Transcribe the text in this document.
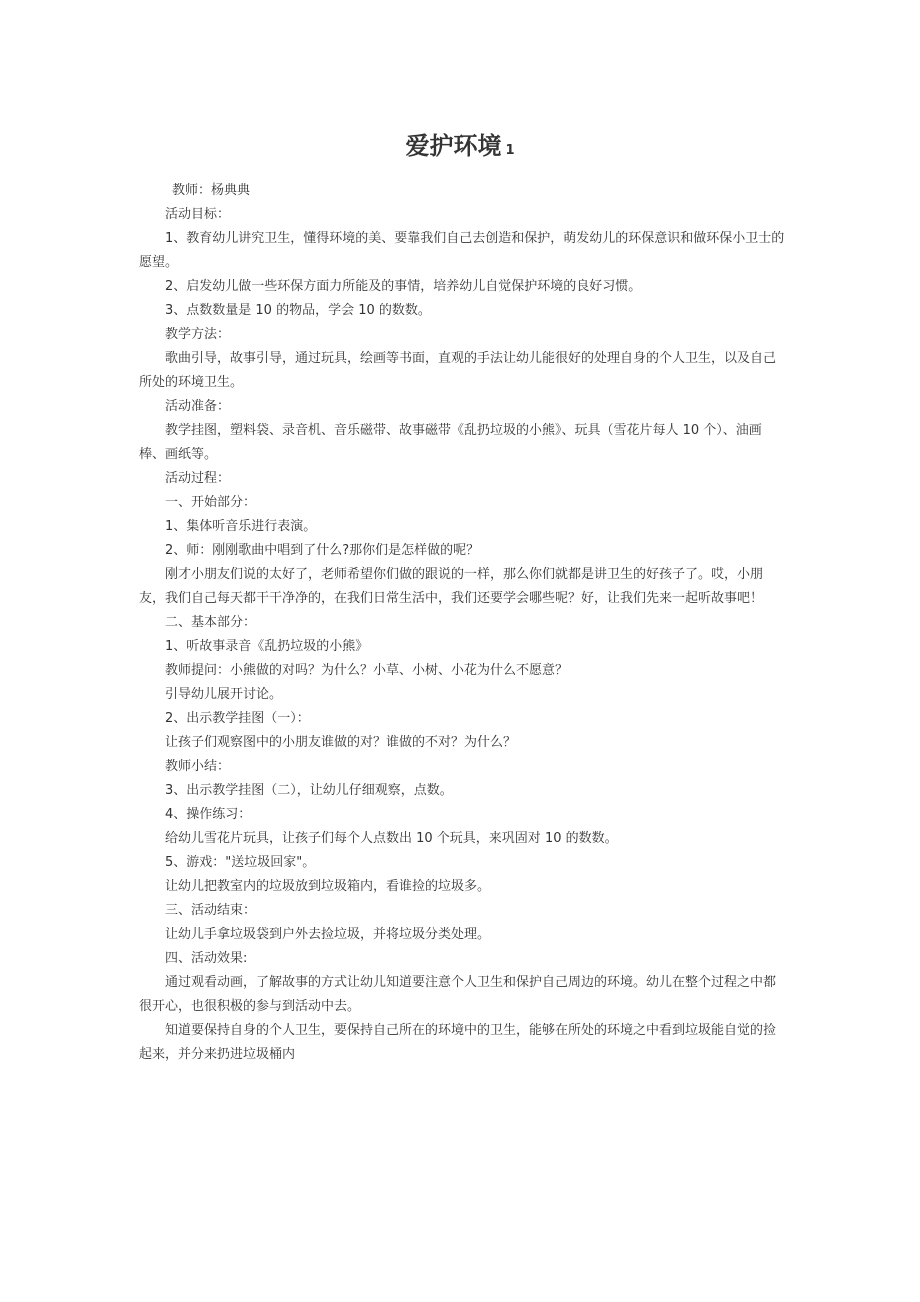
爱护环境 1

教师：杨典典

活动目标：

1、教育幼儿讲究卫生，懂得环境的美、要靠我们自己去创造和保护，萌发幼儿的环保意识和做环保小卫士的愿望。

2、启发幼儿做一些环保方面力所能及的事情，培养幼儿自觉保护环境的良好习惯。

3、点数数量是 10 的物品，学会 10 的数数。

教学方法：

歌曲引导，故事引导，通过玩具，绘画等书面，直观的手法让幼儿能很好的处理自身的个人卫生，以及自己所处的环境卫生。

活动准备：

教学挂图，塑料袋、录音机、音乐磁带、故事磁带《乱扔垃圾的小熊》、玩具（雪花片每人 10 个）、油画棒、画纸等。

活动过程：

一、开始部分：

1、集体听音乐进行表演。

2、师：刚刚歌曲中唱到了什么?那你们是怎样做的呢？

刚才小朋友们说的太好了，老师希望你们做的跟说的一样，那么你们就都是讲卫生的好孩子了。哎，小朋友，我们自己每天都干干净净的，在我们日常生活中，我们还要学会哪些呢？好，让我们先来一起听故事吧！

二、基本部分：

1、听故事录音《乱扔垃圾的小熊》

教师提问：小熊做的对吗？为什么？小草、小树、小花为什么不愿意？

引导幼儿展开讨论。

2、出示教学挂图（一）：

让孩子们观察图中的小朋友谁做的对？谁做的不对？为什么？

教师小结：

3、出示教学挂图（二），让幼儿仔细观察，点数。

4、操作练习：

给幼儿雪花片玩具，让孩子们每个人点数出 10 个玩具，来巩固对 10 的数数。

5、游戏："送垃圾回家"。

让幼儿把教室内的垃圾放到垃圾箱内，看谁捡的垃圾多。

三、活动结束：

让幼儿手拿垃圾袋到户外去捡垃圾，并将垃圾分类处理。

四、活动效果:

通过观看动画，了解故事的方式让幼儿知道要注意个人卫生和保护自己周边的环境。幼儿在整个过程之中都很开心，也很积极的参与到活动中去。

知道要保持自身的个人卫生，要保持自己所在的环境中的卫生，能够在所处的环境之中看到垃圾能自觉的捡起来，并分来扔进垃圾桶内
